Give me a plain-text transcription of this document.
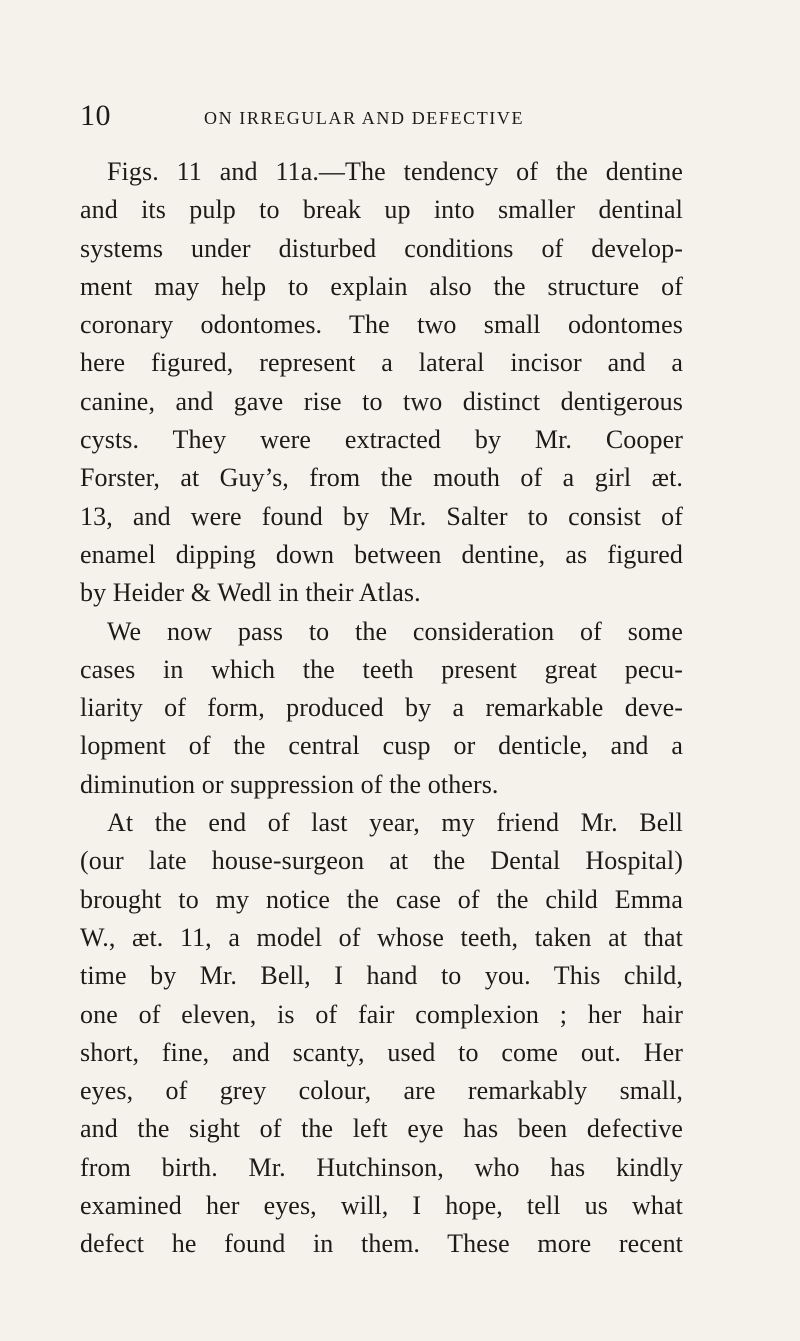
10	ON IRREGULAR AND DEFECTIVE
Figs. 11 and 11a.—The tendency of the dentine
and its pulp to break up into smaller dentinal
systems under disturbed conditions of develop-
ment may help to explain also the structure of
coronary odontomes. The two small odontomes
here figured, represent a lateral incisor and a
canine, and gave rise to two distinct dentigerous
cysts. They were extracted by Mr. Cooper
Forster, at Guy’s, from the mouth of a girl æt.
13, and were found by Mr. Salter to consist of
enamel dipping down between dentine, as figured
by Heider & Wedl in their Atlas.
We now pass to the consideration of some
cases in which the teeth present great pecu-
liarity of form, produced by a remarkable deve-
lopment of the central cusp or denticle, and a
diminution or suppression of the others.
At the end of last year, my friend Mr. Bell
(our late house-surgeon at the Dental Hospital)
brought to my notice the case of the child Emma
W., æt. 11, a model of whose teeth, taken at that
time by Mr. Bell, I hand to you. This child,
one of eleven, is of fair complexion ; her hair
short, fine, and scanty, used to come out. Her
eyes, of grey colour, are remarkably small,
and the sight of the left eye has been defective
from birth. Mr. Hutchinson, who has kindly
examined her eyes, will, I hope, tell us what
defect he found in them. These more recent
